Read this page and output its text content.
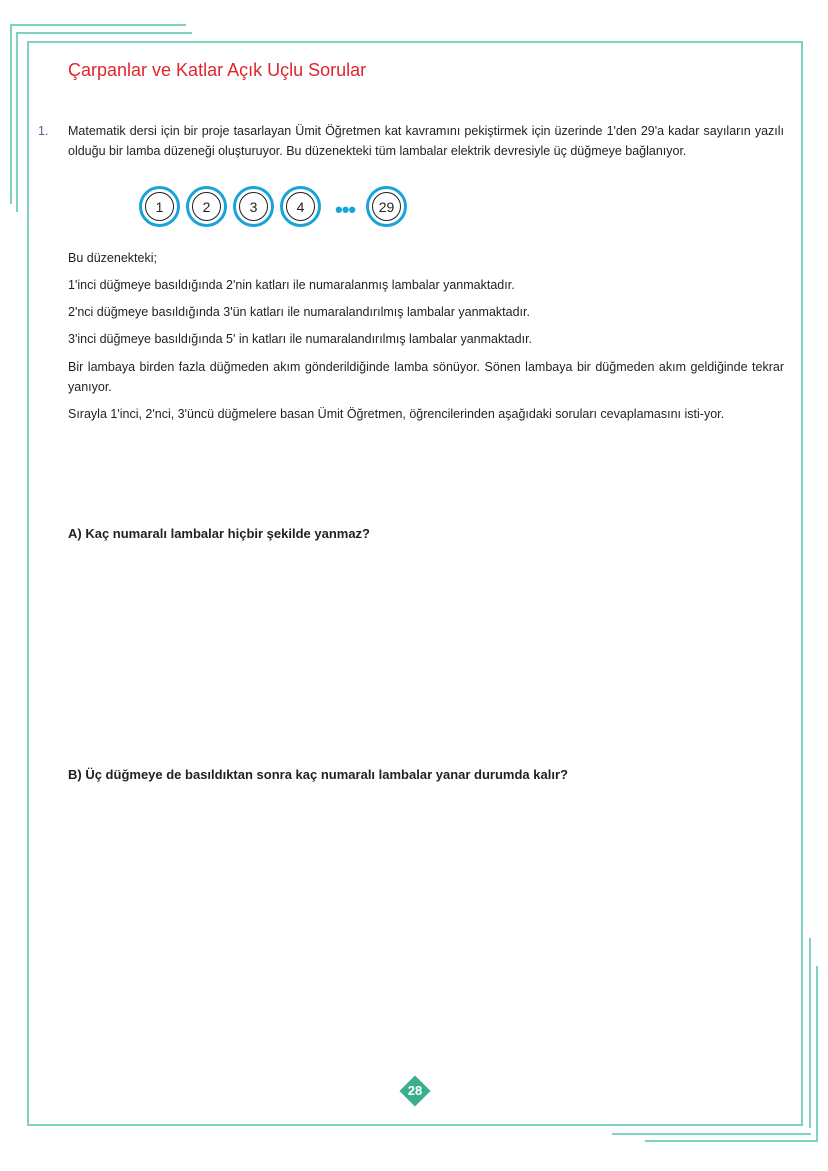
Çarpanlar ve Katlar Açık Uçlu Sorular
1. Matematik dersi için bir proje tasarlayan Ümit Öğretmen kat kavramını pekiştirmek için üzerinde 1'den 29'a kadar sayıların yazılı olduğu bir lamba düzeneği oluşturuyor. Bu düzenekteki tüm lambalar elektrik devresiyle üç düğmeye bağlanıyor.
1	2	3	4	•••	29
Bu düzenekteki;
1'inci düğmeye basıldığında 2'nin katları ile numaralanmış lambalar yanmaktadır.
2'nci düğmeye basıldığında 3'ün katları ile numaralandırılmış lambalar yanmaktadır.
3'inci düğmeye basıldığında 5' in katları ile numaralandırılmış lambalar yanmaktadır.
Bir lambaya birden fazla düğmeden akım gönderildiğinde lamba sönüyor. Sönen lambaya bir düğmeden akım geldiğinde tekrar yanıyor.
Sırayla 1'inci, 2'nci, 3'üncü düğmelere basan Ümit Öğretmen, öğrencilerinden aşağıdaki soruları cevaplamasını isti-yor.
A) Kaç numaralı lambalar hiçbir şekilde yanmaz?
B) Üç düğmeye de basıldıktan sonra kaç numaralı lambalar yanar durumda kalır?
28
